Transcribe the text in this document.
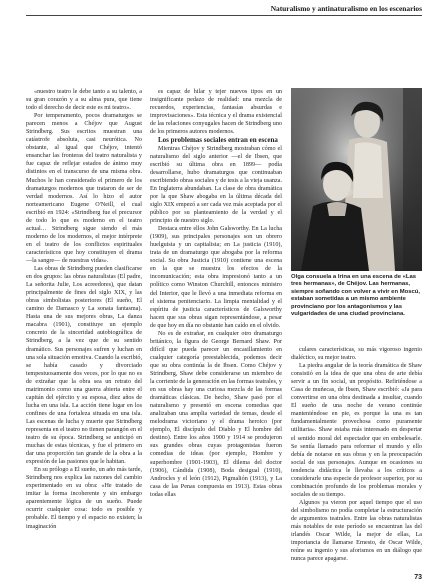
Naturalismo y antinaturalismo en los escenarios

«nuestro teatro le debe tanto a su talento, a su gran corazón y a su alma pura, que tiene todo el derecho de decir este es mi teatro».

Por temperamento, pocos dramaturgos se parecen menos a Chéjov que August Strindberg. Sus escritos muestran una catástrofe absoluta, casi neurótica. No obstante, al igual que Chéjov, intentó ensanchar las fronteras del teatro naturalista y fue capaz de reflejar estados de ánimo muy distintos en el transcurso de una misma obra. Muchos le han considerado el primero de los dramaturgos modernos que trataron de ser de verdad modernos. Así lo hizo el autor norteamericano Eugene O'Neill, el cual escribió en 1924: «Strindberg fue el precursor de todo lo que es moderno en el teatro actual… Strindberg sigue siendo el más moderno de los modernos, el mejor intérprete en el teatro de los conflictos espirituales característicos que hoy constituyen el drama —la sangre— de nuestras vidas».

Las obras de Strindberg pueden clasificarse en dos grupos: las obras naturalistas (El padre, La señorita Julie, Los acreedores), que datan principalmente de fines del siglo XIX, y las obras simbolistas posteriores (El sueño, El camino de Damasco y La sonata fantasma). Hasta una de sus mejores obras, La danza macabra (1901), constituye un ejemplo concreto de la sinceridad autobiográfica de Strindberg, a la vez que de su sentido dramático. Sus personajes sufren y luchan en una sola situación emotiva. Cuando la escribió, se había casado y divorciado tempestuosamente dos veces, por lo que no es de extrañar que la obra sea un retrato del matrimonio como una guerra abierta entre el capitán del ejército y su esposa, diez años de lucha en una isla. La acción tiene lugar en los confines de una fortaleza situada en una isla. Las escenas de lucha y muerte que Strindberg representa en el teatro no tienen parangón en el teatro de su época. Strindberg se anticipó en muchas de estas técnicas, y fue el primero en dar una proporción tan grande de la obra a la expresión de las pasiones que le habitan.

En su prólogo a El sueño, un año más tarde, Strindberg nos explica las razones del cambio experimentado en su obra: «He tratado de imitar la forma incoherente y sin embargo aparentemente lógica de un sueño. Puede ocurrir cualquier cosa: todo es posible y probable. El tiempo y el espacio no existen; la imaginación

es capaz de hilar y tejer nuevos tipos en un insignificante pedazo de realidad: una mezcla de recuerdos, experiencias, fantasías absurdas e improvisaciones». Esta técnica y el drama existencial de las relaciones conyugales hacen de Strindberg uno de los primeros autores modernos.

Los problemas sociales entran en escena

Mientras Chéjov y Strindberg mostraban cómo el naturalismo del siglo anterior —el de Ibsen, que escribió su última obra en 1899— podía desarrollarse, hubo dramaturgos que continuaban escribiendo obras sociales y de tesis a la vieja usanza. En Inglaterra abundaban. La clase de obra dramática por la que Shaw abogaba en la última década del siglo XIX empezó a ser cada vez más aceptada por el público por su planteamiento de la verdad y el principio de nuestro siglo.

Destaca entre ellos John Galsworthy. En La lucha (1909), sus principales personajes son un obrero huelguista y un capitalista; en La justicia (1910), trata de un dramaturgo que abogaba por la reforma social. Su obra Justicia (1910) contiene una escena en la que se muestra los efectos de la incomunicación; esta obra impresionó tanto a un político como Winston Churchill, entonces ministro del Interior, que le llevó a una inmediata reforma en el sistema penitenciario. La limpia mentalidad y el espíritu de justicia característicos de Galsworthy hacen que sus obras sigan representándose, a pesar de que hoy en día no obstante han caído en el olvido.

No es de extrañar, en cualquier otro dramaturgo británico, la figura de George Bernard Shaw. Por difícil que pueda parecer un encasillamiento en cualquier categoría preestablecida, podemos decir que su obra continúa la de Ibsen. Como Chéjov y Strindberg, Shaw debe considerarse un miembro de la corriente de la generación en las formas teatrales, y en sus obras hay una curiosa mezcla de las formas dramáticas clásicas. De hecho, Shaw pasó por el naturalismo y presentó en escena comedias que analizaban una amplia variedad de temas, desde el melodrama victoriano y el drama heroico (por ejemplo, El discípulo del Diablo y El hombre del destino). Entre los años 1900 y 1914 se produjeron sus grandes obras cuyas protagonistas fueron comedias de ideas (por ejemplo, Hombre y superhombre (1901-1903), El dilema del doctor (1906), Cándida (1908), Boda desigual (1910), Androcles y el león (1912), Pigmalión (1913), y La casa de las Penas compuesta en 1913). Estas obras todas ellas

Olga consuela a Irina en una escena de «Las tres hermanas», de Chéjov. Las hermanas, siempre soñando con volver a vivir en Moscú, estaban sometidas a un mismo ambiente provinciano por los antagonismos y las vulgaridades de una ciudad provinciana.

culares características, su más vigoroso ingenio dialéctico, su mejor teatro.

La piedra angular de la teoría dramática de Shaw consistió en la idea de que una obra de arte debía servir a un fin social, un propósito. Refiriéndose a Casa de muñecas, de Ibsen, Shaw escribió: «Ja para convertirse en una obra destinada a insultar, cuando El sueño de una noche de verano continúe manteniéndose en pie, es porque la una es tan fundamentalmente provechosa como puramente utilitaria». Shaw estaba más interesado en despertar el sentido moral del espectador que en embelesarle. Se sentía llamado para reformar el mundo y ello debía de notarse en sus obras y en la preocupación social de sus personajes. Aunque en ocasiones su tendencia didáctica le llevaba a los críticos a considerarle una especie de profesor superior, por su combinación profundo de los problemas morales y sociales de su tiempo.

Algunos ya vieron por aquel tiempo que el uso del simbolismo no podía completar la estructuración de argumentos teatrales. Entre las obras naturalistas más notables de este período se encuentran las del irlandés Oscar Wilde, la mejor de ellas, La importancia de llamarse Ernesto, de Oscar Wilde, reúne su ingenio y sus aforismos en un diálogo que nunca parece apagarse.

73
